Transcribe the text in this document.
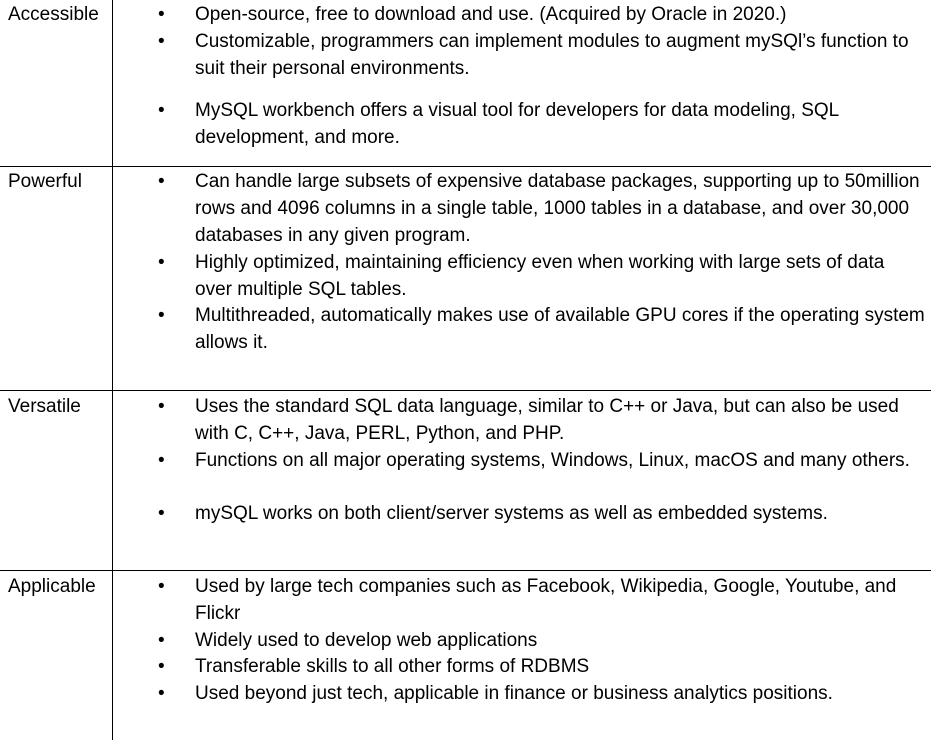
Accessible	• Open-source, free to download and use. (Acquired by Oracle in 2020.)
• Customizable, programmers can implement modules to augment mySQl’s function to suit their personal environments.
• MySQL workbench offers a visual tool for developers for data modeling, SQL development, and more.
Powerful	• Can handle large subsets of expensive database packages, supporting up to 50million rows and 4096 columns in a single table, 1000 tables in a database, and over 30,000 databases in any given program.
• Highly optimized, maintaining efficiency even when working with large sets of data over multiple SQL tables.
• Multithreaded, automatically makes use of available GPU cores if the operating system allows it.
Versatile	• Uses the standard SQL data language, similar to C++ or Java, but can also be used with C, C++, Java, PERL, Python, and PHP.
• Functions on all major operating systems, Windows, Linux, macOS and many others.
• mySQL works on both client/server systems as well as embedded systems.
Applicable	• Used by large tech companies such as Facebook, Wikipedia, Google, Youtube, and Flickr
• Widely used to develop web applications
• Transferable skills to all other forms of RDBMS
• Used beyond just tech, applicable in finance or business analytics positions.
